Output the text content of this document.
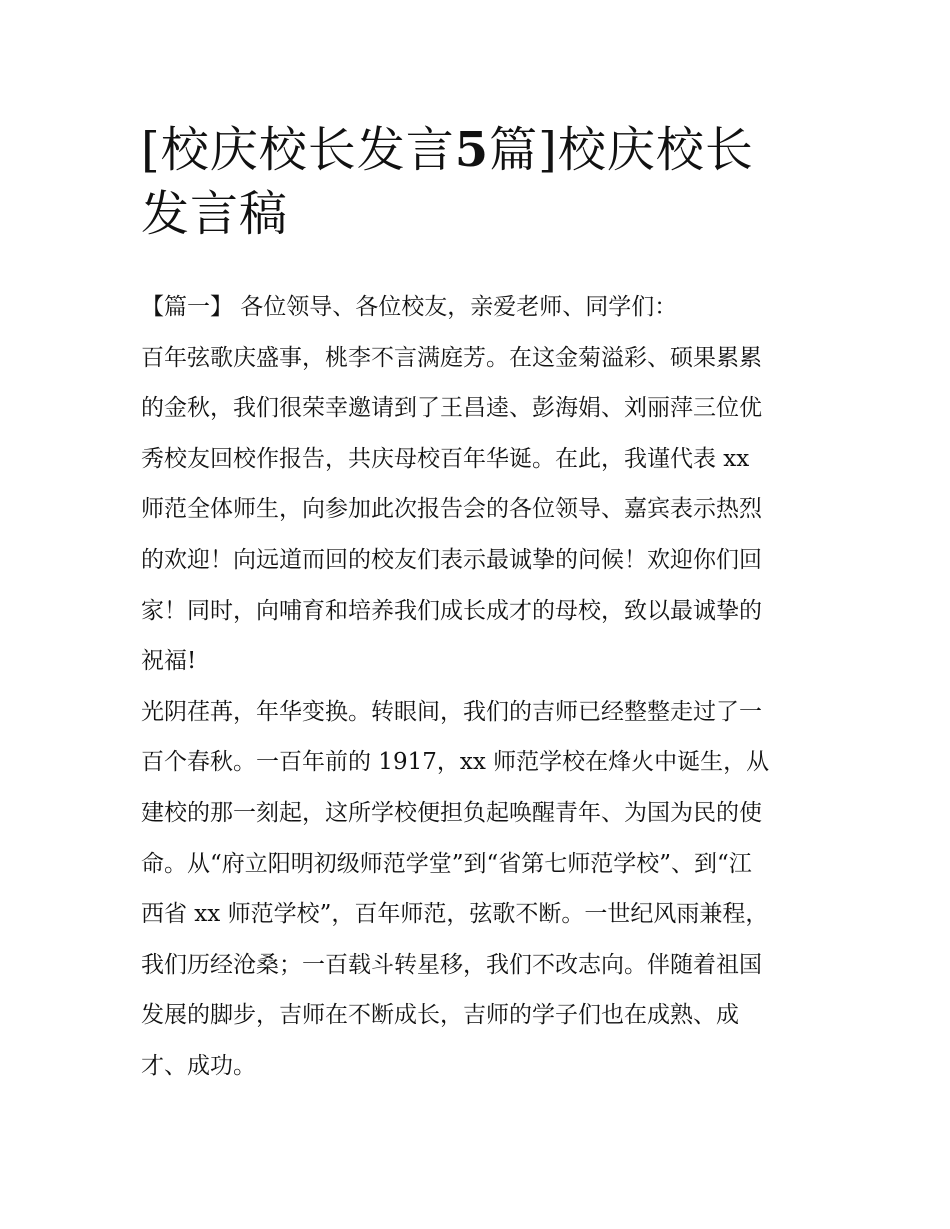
[校庆校长发言5篇]校庆校长
发言稿
【篇一】 各位领导、各位校友，亲爱老师、同学们：
百年弦歌庆盛事，桃李不言满庭芳。在这金菊溢彩、硕果累累
的金秋，我们很荣幸邀请到了王昌逵、彭海娟、刘丽萍三位优
秀校友回校作报告，共庆母校百年华诞。在此，我谨代表 xx
师范全体师生，向参加此次报告会的各位领导、嘉宾表示热烈
的欢迎！向远道而回的校友们表示最诚挚的问候！欢迎你们回
家！同时，向哺育和培养我们成长成才的母校，致以最诚挚的
祝福!
光阴荏苒，年华变换。转眼间，我们的吉师已经整整走过了一
百个春秋。一百年前的 1917，xx 师范学校在烽火中诞生，从
建校的那一刻起，这所学校便担负起唤醒青年、为国为民的使
命。从“府立阳明初级师范学堂”到“省第七师范学校”、到“江
西省 xx 师范学校”，百年师范，弦歌不断。一世纪风雨兼程，
我们历经沧桑；一百载斗转星移，我们不改志向。伴随着祖国
发展的脚步，吉师在不断成长，吉师的学子们也在成熟、成
才、成功。
